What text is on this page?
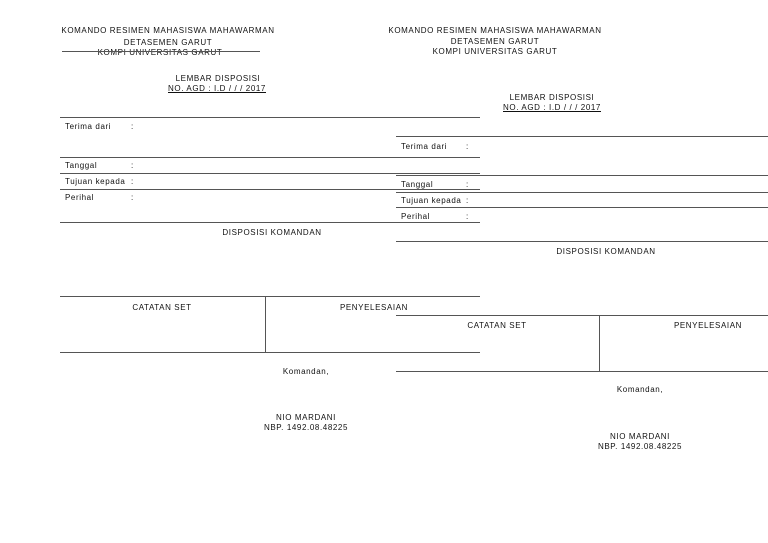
KOMANDO RESIMEN MAHASISWA MAHAWARMAN
DETASEMEN GARUT
KOMPI UNIVERSITAS GARUT
LEMBAR DISPOSISI
NO. AGD : I.D / / / 2017
Terima dari :
Tanggal	:
Tujuan kepada :
Perihal	:
DISPOSISI KOMANDAN
CATATAN SET	PENYELESAIAN
Komandan,
NIO MARDANI
NBP. 1492.08.48225
KOMANDO RESIMEN MAHASISWA MAHAWARMAN
DETASEMEN GARUT
KOMPI UNIVERSITAS GARUT
LEMBAR DISPOSISI
NO. AGD : I.D / / / 2017
Terima dari :
Tanggal	:
Tujuan kepada :
Perihal	:
DISPOSISI KOMANDAN
CATATAN SET	PENYELESAIAN
Komandan,
NIO MARDANI
NBP. 1492.08.48225
